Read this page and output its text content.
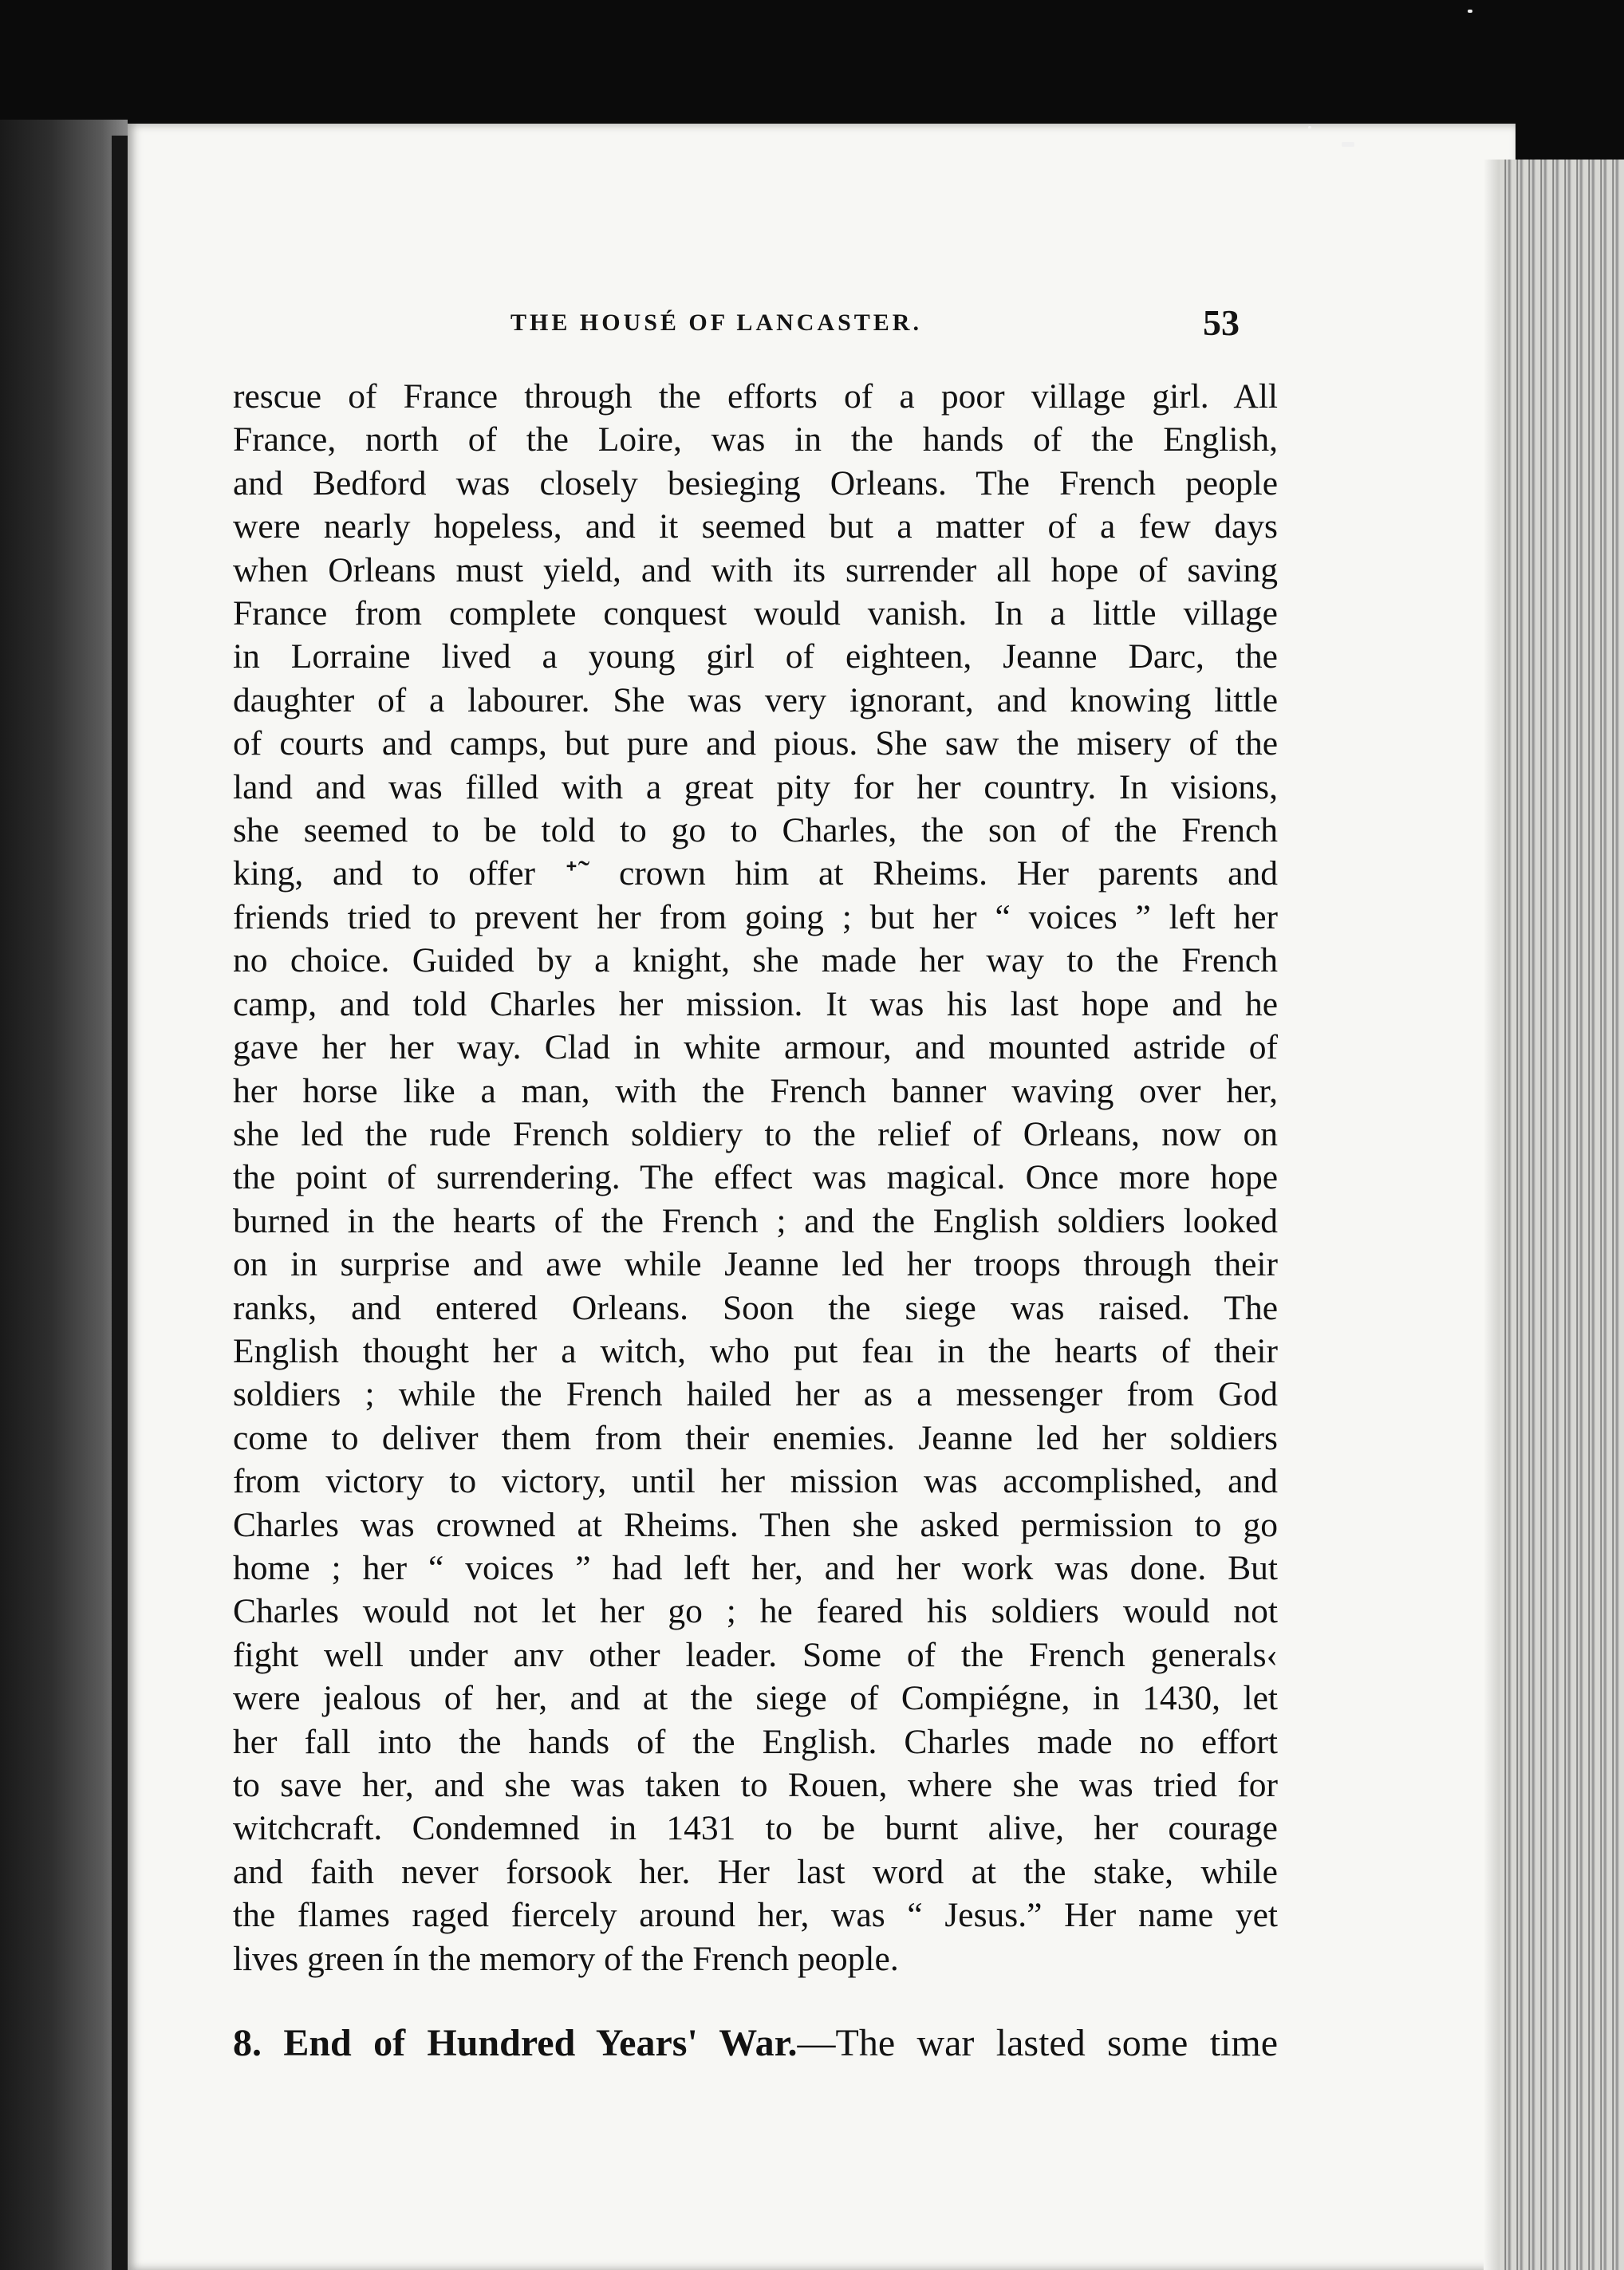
THE HOUSÉ OF LANCASTER.	53
rescue of France through the efforts of a poor village girl. All
France, north of the Loire, was in the hands of the English,
and Bedford was closely besieging Orleans. The French people
were nearly hopeless, and it seemed but a matter of a few days
when Orleans must yield, and with its surrender all hope of saving
France from complete conquest would vanish. In a little village
in Lorraine lived a young girl of eighteen, Jeanne Darc, the
daughter of a labourer. She was very ignorant, and knowing little
of courts and camps, but pure and pious. She saw the misery of the
land and was filled with a great pity for her country. In visions,
she seemed to be told to go to Charles, the son of the French
king, and to offer ᐩ˜ crown him at Rheims. Her parents and
friends tried to prevent her from going ; but her “ voices ” left her
no choice. Guided by a knight, she made her way to the French
camp, and told Charles her mission. It was his last hope and he
gave her her way. Clad in white armour, and mounted astride of
her horse like a man, with the French banner waving over her,
she led the rude French soldiery to the relief of Orleans, now on
the point of surrendering. The effect was magical. Once more hope
burned in the hearts of the French ; and the English soldiers looked
on in surprise and awe while Jeanne led her troops through their
ranks, and entered Orleans. Soon the siege was raised. The
English thought her a witch, who put feaı in the hearts of their
soldiers ; while the French hailed her as a messenger from God
come to deliver them from their enemies. Jeanne led her soldiers
from victory to victory, until her mission was accomplished, and
Charles was crowned at Rheims. Then she asked permission to go
home ; her “ voices ” had left her, and her work was done. But
Charles would not let her go ; he feared his soldiers would not
fight well under anv other leader. Some of the French generals‹
were jealous of her, and at the siege of Compiégne, in 1430, let
her fall into the hands of the English. Charles made no effort
to save her, and she was taken to Rouen, where she was tried for
witchcraft. Condemned in 1431 to be burnt alive, her courage
and faith never forsook her. Her last word at the stake, while
the flames raged fiercely around her, was “ Jesus.” Her name yet
lives green ín the memory of the French people.
8. End of Hundred Years' War.—The war lasted some time
